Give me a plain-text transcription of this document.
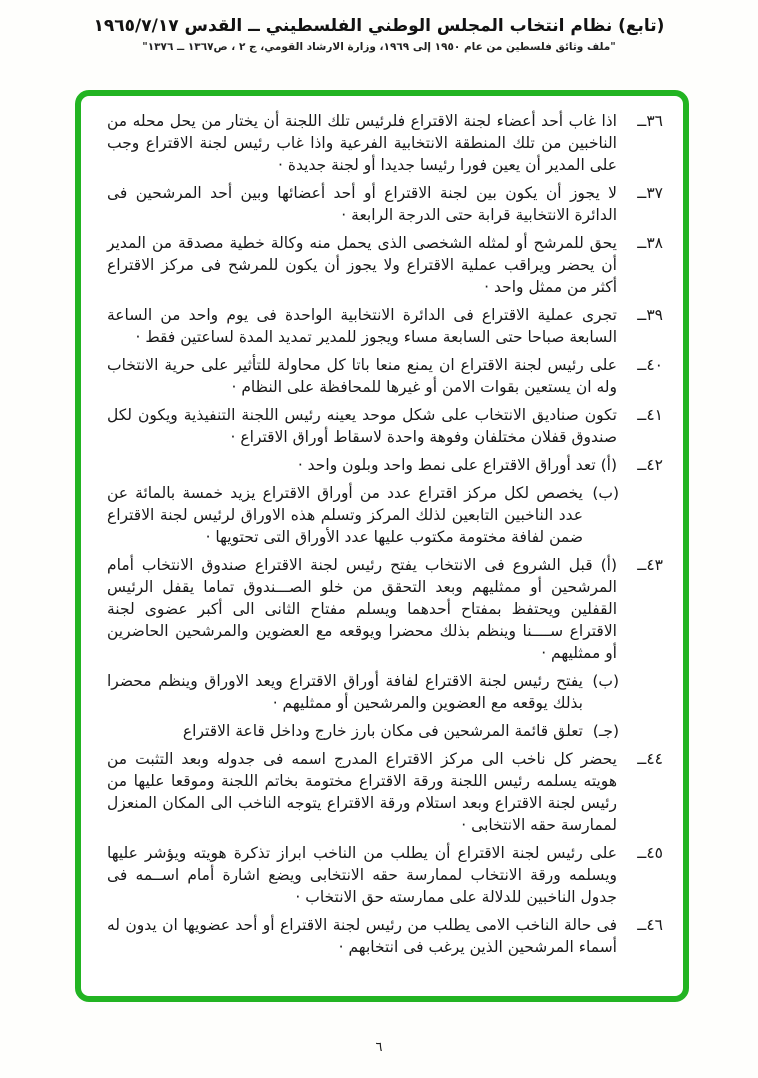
(تابع) نظام انتخاب المجلس الوطني الفلسطيني ــ القدس ١٩٦٥/٧/١٧
"ملف وثائق فلسطين من عام ١٩٥٠ إلى ١٩٦٩، وزارة الارشاد القومي، ج ٢ ، ص١٣٦٧ ــ ١٣٧٦"
٣٦ــ
اذا غاب أحد أعضاء لجنة الاقتراع فلرئيس تلك اللجنة أن يختار من يحل محله من الناخبين من تلك المنطقة الانتخابية الفرعية واذا غاب رئيس لجنة الاقتراع وجب على المدير أن يعين فورا رئيسا جديدا أو لجنة جديدة ·
٣٧ــ
لا يجوز أن يكون بين لجنة الاقتراع أو أحد أعضائها وبين أحد المرشحين فى الدائرة الانتخابية قرابة حتى الدرجة الرابعة ·
٣٨ــ
يحق للمرشح أو لمثله الشخصى الذى يحمل منه وكالة خطية مصدقة من المدير أن يحضر ويراقب عملية الاقتراع ولا يجوز أن يكون للمرشح فى مركز الاقتراع أكثر من ممثل واحد ·
٣٩ــ
تجرى عملية الاقتراع فى الدائرة الانتخابية الواحدة فى يوم واحد من الساعة السابعة صباحا حتى السابعة مساء ويجوز للمدير تمديد المدة لساعتين فقط ·
٤٠ــ
على رئيس لجنة الاقتراع ان يمنع منعا باتا كل محاولة للتأثير على حرية الانتخاب وله ان يستعين بقوات الامن أو غيرها للمحافظة على النظام ·
٤١ــ
تكون صناديق الانتخاب على شكل موحد يعينه رئيس اللجنة التنفيذية ويكون لكل صندوق قفلان مختلفان وفوهة واحدة لاسقاط أوراق الاقتراع ·
٤٢ــ
(أ) تعد أوراق الاقتراع على نمط واحد وبلون واحد ·
(ب)
يخصص لكل مركز اقتراع عدد من أوراق الاقتراع يزيد خمسة بالمائة عن عدد الناخبين التابعين لذلك المركز وتسلم هذه الاوراق لرئيس لجنة الاقتراع ضمن لفافة مختومة مكتوب عليها عدد الأوراق التى تحتويها ·
٤٣ــ
(أ) قبل الشروع فى الانتخاب يفتح رئيس لجنة الاقتراع صندوق الانتخاب أمام المرشحين أو ممثليهم وبعد التحقق من خلو الصـــندوق تماما يقفل الرئيس القفلين ويحتفظ بمفتاح أحدهما ويسلم مفتاح الثانى الى أكبر عضوى لجنة الاقتراع ســــنا وينظم بذلك محضرا ويوقعه مع العضوين والمرشحين الحاضرين أو ممثليهم ·
(ب)
يفتح رئيس لجنة الاقتراع لفافة أوراق الاقتراع ويعد الاوراق وينظم محضرا بذلك يوقعه مع العضوين والمرشحين أو ممثليهم ·
(جـ)
تعلق قائمة المرشحين فى مكان بارز خارج وداخل قاعة الاقتراع
٤٤ــ
يحضر كل ناخب الى مركز الاقتراع المدرج اسمه فى جدوله وبعد التثبت من هويته يسلمه رئيس اللجنة ورقة الاقتراع مختومة بخاتم اللجنة وموقعا عليها من رئيس لجنة الاقتراع وبعد استلام ورقة الاقتراع يتوجه الناخب الى المكان المنعزل لممارسة حقه الانتخابى ·
٤٥ــ
على رئيس لجنة الاقتراع أن يطلب من الناخب ابراز تذكرة هويته ويؤشر عليها ويسلمه ورقة الانتخاب لممارسة حقه الانتخابى ويضع اشارة أمام اســمه فى جدول الناخبين للدلالة على ممارسته حق الانتخاب ·
٤٦ــ
فى حالة الناخب الامى يطلب من رئيس لجنة الاقتراع أو أحد عضويها ان يدون له أسماء المرشحين الذين يرغب فى انتخابهم ·
٦
